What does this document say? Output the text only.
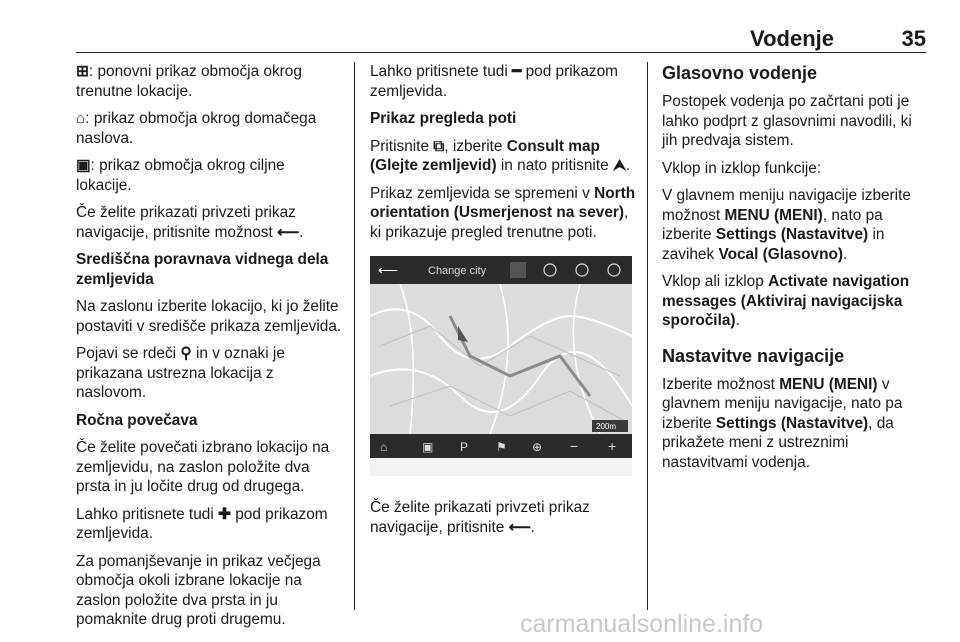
Vodenje	35

⊞: ponovni prikaz območja okrog trenutne lokacije.

⌂: prikaz območja okrog domačega naslova.

▣: prikaz območja okrog ciljne lokacije.

Če želite prikazati privzeti prikaz navigacije, pritisnite možnost ⟵.

Središčna poravnava vidnega dela zemljevida

Na zaslonu izberite lokacijo, ki jo želite postaviti v središče prikaza zemljevida.

Pojavi se rdeči ⚲ in v oznaki je prikazana ustrezna lokacija z naslovom.

Ročna povečava

Če želite povečati izbrano lokacijo na zemljevidu, na zaslon položite dva prsta in ju ločite drug od drugega.

Lahko pritisnete tudi ✚ pod prikazom zemljevida.

Za pomanjševanje in prikaz večjega območja okoli izbrane lokacije na zaslon položite dva prsta in ju pomaknite drug proti drugemu.

Lahko pritisnete tudi ━ pod prikazom zemljevida.

Prikaz pregleda poti

Pritisnite ⧉, izberite Consult map (Glejte zemljevid) in nato pritisnite ⮝.

Prikaz zemljevida se spremeni v North orientation (Usmerjenost na sever), ki prikazuje pregled trenutne poti.

⟵	Change city
200m
⌂	▣ P ⚑ ⊕ − +

Če želite prikazati privzeti prikaz navigacije, pritisnite ⟵.

Glasovno vodenje

Postopek vodenja po začrtani poti je lahko podprt z glasovnimi navodili, ki jih predvaja sistem.

Vklop in izklop funkcije:

V glavnem meniju navigacije izberite možnost MENU (MENI), nato pa izberite Settings (Nastavitve) in zavihek Vocal (Glasovno).

Vklop ali izklop Activate navigation messages (Aktiviraj navigacijska sporočila).

Nastavitve navigacije

Izberite možnost MENU (MENI) v glavnem meniju navigacije, nato pa izberite Settings (Nastavitve), da prikažete meni z ustreznimi nastavitvami vodenja.

carmanualsonline.info
